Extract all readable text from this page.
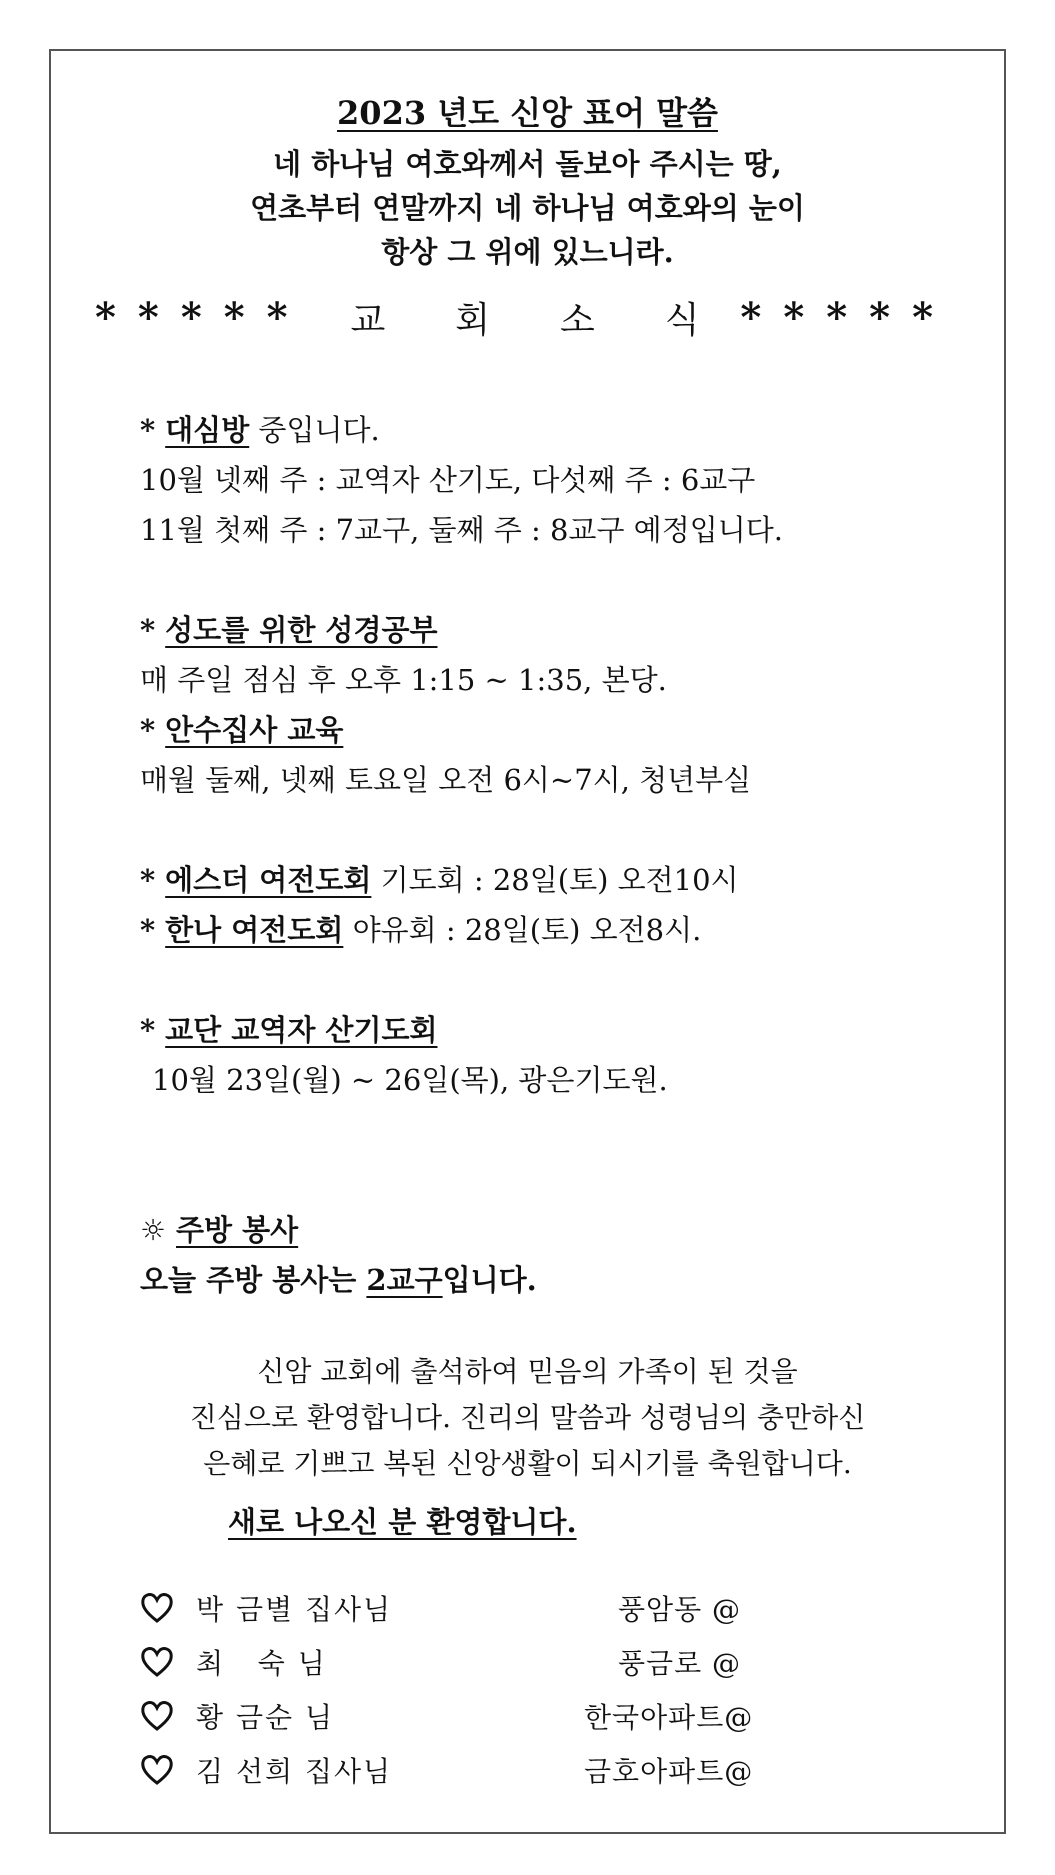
2023 년도 신앙 표어 말씀
네 하나님 여호와께서 돌보아 주시는 땅,
연초부터 연말까지 네 하나님 여호와의 눈이
항상 그 위에 있느니라.
***** 교 회 소 식 *****
* 대심방 중입니다.
10월 넷째 주 : 교역자 산기도, 다섯째 주 : 6교구
11월 첫째 주 : 7교구, 둘째 주 : 8교구 예정입니다.
* 성도를 위한 성경공부
매 주일 점심 후 오후 1:15 ~ 1:35, 본당.
* 안수집사 교육
매월 둘째, 넷째 토요일 오전 6시~7시, 청년부실
* 에스더 여전도회 기도회 : 28일(토) 오전10시
* 한나 여전도회 야유회 : 28일(토) 오전8시.
* 교단 교역자 산기도회
10월 23일(월) ~ 26일(목), 광은기도원.
☼ 주방 봉사
오늘 주방 봉사는 2교구입니다.
신암 교회에 출석하여 믿음의 가족이 된 것을
진심으로 환영합니다. 진리의 말씀과 성령님의 충만하신
은혜로 기쁘고 복된 신앙생활이 되시기를 축원합니다.
새로 나오신 분 환영합니다.
박 금별 집사님	풍암동 @
최   숙 님	풍금로 @
황 금순 님	한국아파트@
김 선희 집사님	금호아파트@
